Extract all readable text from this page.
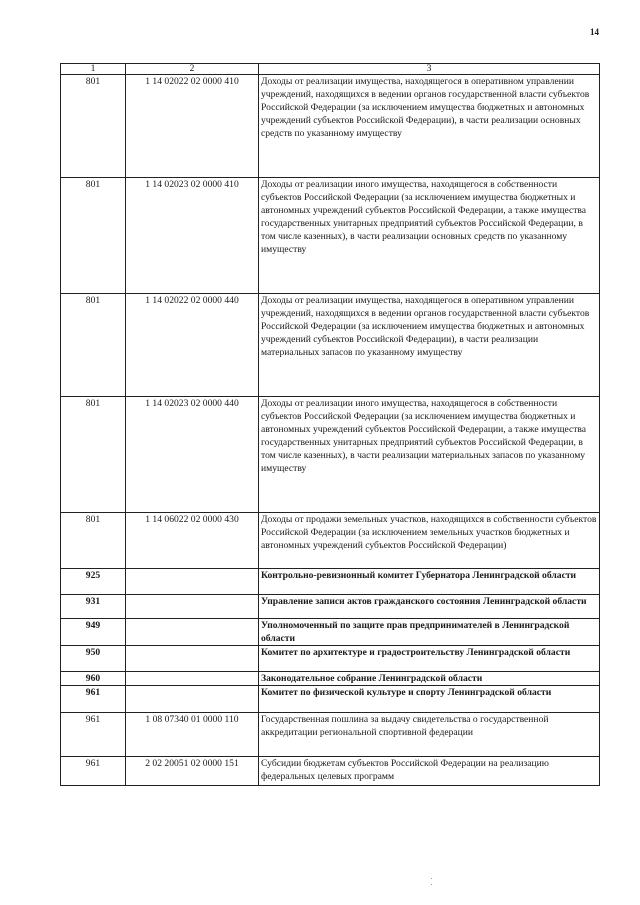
14
1	2	3
801	1 14 02022 02 0000 410	Доходы от реализации имущества, находящегося в оперативном управлении учреждений, находящихся в ведении органов государственной власти субъектов Российской Федерации (за исключением имущества бюджетных и автономных учреждений субъектов Российской Федерации), в части реализации основных средств по указанному имуществу
801	1 14 02023 02 0000 410	Доходы от реализации иного имущества, находящегося в собственности субъектов Российской Федерации (за исключением имущества бюджетных и автономных учреждений субъектов Российской Федерации, а также имущества государственных унитарных предприятий субъектов Российской Федерации, в том числе казенных), в части реализации основных средств по указанному имуществу
801	1 14 02022 02 0000 440	Доходы от реализации имущества, находящегося в оперативном управлении учреждений, находящихся в ведении органов государственной власти субъектов Российской Федерации (за исключением имущества бюджетных и автономных учреждений субъектов Российской Федерации), в части реализации материальных запасов по указанному имуществу
801	1 14 02023 02 0000 440	Доходы от реализации иного имущества, находящегося в собственности субъектов Российской Федерации (за исключением имущества бюджетных и автономных учреждений субъектов Российской Федерации, а также имущества государственных унитарных предприятий субъектов Российской Федерации, в том числе казенных), в части реализации материальных запасов по указанному имуществу
801	1 14 06022 02 0000 430	Доходы от продажи земельных участков, находящихся в собственности субъектов Российской Федерации (за исключением земельных участков бюджетных и автономных учреждений субъектов Российской Федерации)
925		Контрольно-ревизионный комитет Губернатора Ленинградской области
931		Управление записи актов гражданского состояния Ленинградской области
949		Уполномоченный по защите прав предпринимателей в Ленинградской области
950		Комитет по архитектуре и градостроительству Ленинградской области
960		Законодательное собрание Ленинградской области
961		Комитет по физической культуре и спорту Ленинградской области
961	1 08 07340 01 0000 110	Государственная пошлина за выдачу свидетельства о государственной аккредитации региональной спортивной федерации
961	2 02 20051 02 0000 151	Субсидии бюджетам субъектов Российской Федерации на реализацию федеральных целевых программ
